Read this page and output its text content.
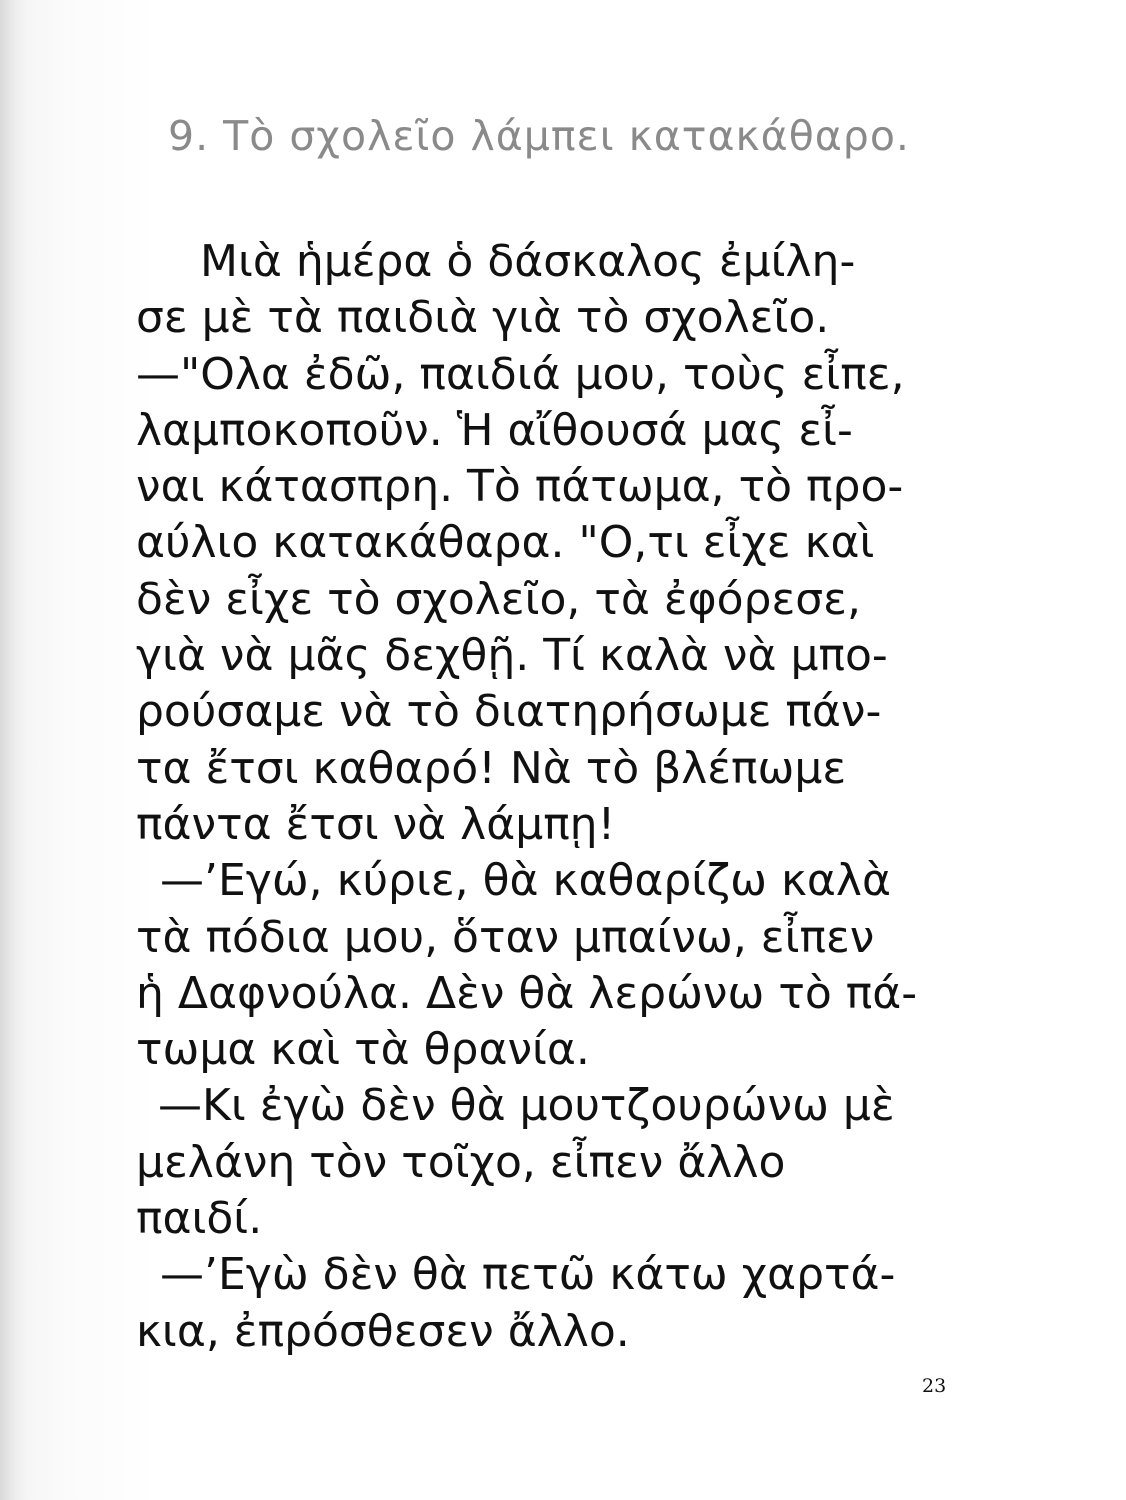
9. Τὸ σχολεῖο λάμπει κατακάθαρο.
Μιὰ ἡμέρα ὁ δάσκαλος ἐμίλη-
σε μὲ τὰ παιδιὰ γιὰ τὸ σχολεῖο.
—"Ολα ἐδῶ, παιδιά μου, τοὺς εἶπε,
λαμποκοποῦν. Ἡ αἴθουσά μας εἶ-
ναι κάτασπρη. Τὸ πάτωμα, τὸ προ-
αύλιο κατακάθαρα. "Ο,τι εἶχε καὶ
δὲν εἶχε τὸ σχολεῖο, τὰ ἐφόρεσε,
γιὰ νὰ μᾶς δεχθῇ. Τί καλὰ νὰ μπο-
ρούσαμε νὰ τὸ διατηρήσωμε πάν-
τα ἔτσι καθαρό! Νὰ τὸ βλέπωμε
πάντα ἔτσι νὰ λάμπῃ!
—’Εγώ, κύριε, θὰ καθαρίζω καλὰ
τὰ πόδια μου, ὅταν μπαίνω, εἶπεν
ἡ Δαφνούλα. Δὲν θὰ λερώνω τὸ πά-
τωμα καὶ τὰ θρανία.
—Κι ἐγὼ δὲν θὰ μουτζουρώνω μὲ
μελάνη τὸν τοῖχο, εἶπεν ἄλλο
παιδί.
—’Εγὼ δὲν θὰ πετῶ κάτω χαρτά-
κια, ἐπρόσθεσεν ἄλλο.

23
